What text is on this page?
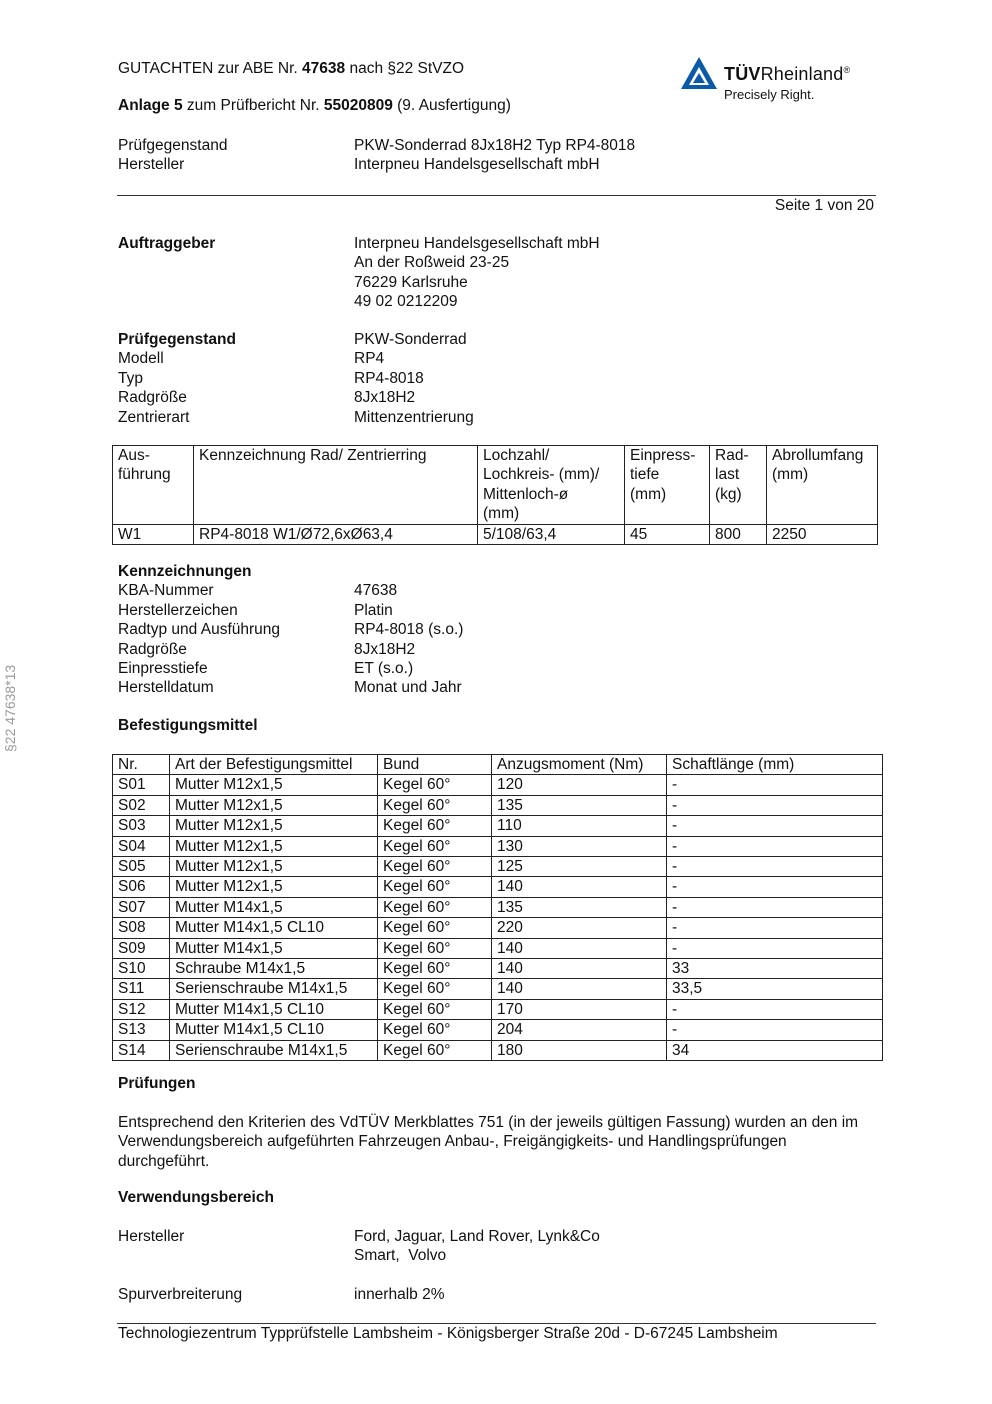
GUTACHTEN zur ABE Nr. 47638 nach §22 StVZO
Anlage 5 zum Prüfbericht Nr. 55020809 (9. Ausfertigung)
TÜVRheinland®
Precisely Right.
Prüfgegenstand	PKW-Sonderrad 8Jx18H2 Typ RP4-8018
Hersteller	Interpneu Handelsgesellschaft mbH
Seite 1 von 20
§22 47638*13
Auftraggeber	Interpneu Handelsgesellschaft mbH
An der Roßweid 23-25
76229 Karlsruhe
49 02 0212209
Prüfgegenstand	PKW-Sonderrad
Modell	RP4
Typ	RP4-8018
Radgröße	8Jx18H2
Zentrierart	Mittenzentrierung
Aus-
führung	Kennzeichnung Rad/ Zentrierring	Lochzahl/
Lochkreis- (mm)/
Mittenloch-ø
(mm)	Einpress-
tiefe
(mm)	Rad-
last
(kg)	Abrollumfang
(mm)
W1	RP4-8018 W1/Ø72,6xØ63,4	5/108/63,4	45	800	2250
Kennzeichnungen
KBA-Nummer	47638
Herstellerzeichen	Platin
Radtyp und Ausführung	RP4-8018 (s.o.)
Radgröße	8Jx18H2
Einpresstiefe	ET (s.o.)
Herstelldatum	Monat und Jahr
Befestigungsmittel
Nr.	Art der Befestigungsmittel	Bund	Anzugsmoment (Nm)	Schaftlänge (mm)
S01	Mutter M12x1,5	Kegel 60°	120	-
S02	Mutter M12x1,5	Kegel 60°	135	-
S03	Mutter M12x1,5	Kegel 60°	110	-
S04	Mutter M12x1,5	Kegel 60°	130	-
S05	Mutter M12x1,5	Kegel 60°	125	-
S06	Mutter M12x1,5	Kegel 60°	140	-
S07	Mutter M14x1,5	Kegel 60°	135	-
S08	Mutter M14x1,5 CL10	Kegel 60°	220	-
S09	Mutter M14x1,5	Kegel 60°	140	-
S10	Schraube M14x1,5	Kegel 60°	140	33
S11	Serienschraube M14x1,5	Kegel 60°	140	33,5
S12	Mutter M14x1,5 CL10	Kegel 60°	170	-
S13	Mutter M14x1,5 CL10	Kegel 60°	204	-
S14	Serienschraube M14x1,5	Kegel 60°	180	34
Prüfungen
Entsprechend den Kriterien des VdTÜV Merkblattes 751 (in der jeweils gültigen Fassung) wurden an den im Verwendungsbereich aufgeführten Fahrzeugen Anbau-, Freigängigkeits- und Handlingsprüfungen durchgeführt.
Verwendungsbereich
Hersteller	Ford, Jaguar, Land Rover, Lynk&Co
Smart,  Volvo
Spurverbreiterung	innerhalb 2%
Technologiezentrum Typprüfstelle Lambsheim - Königsberger Straße 20d - D-67245 Lambsheim
